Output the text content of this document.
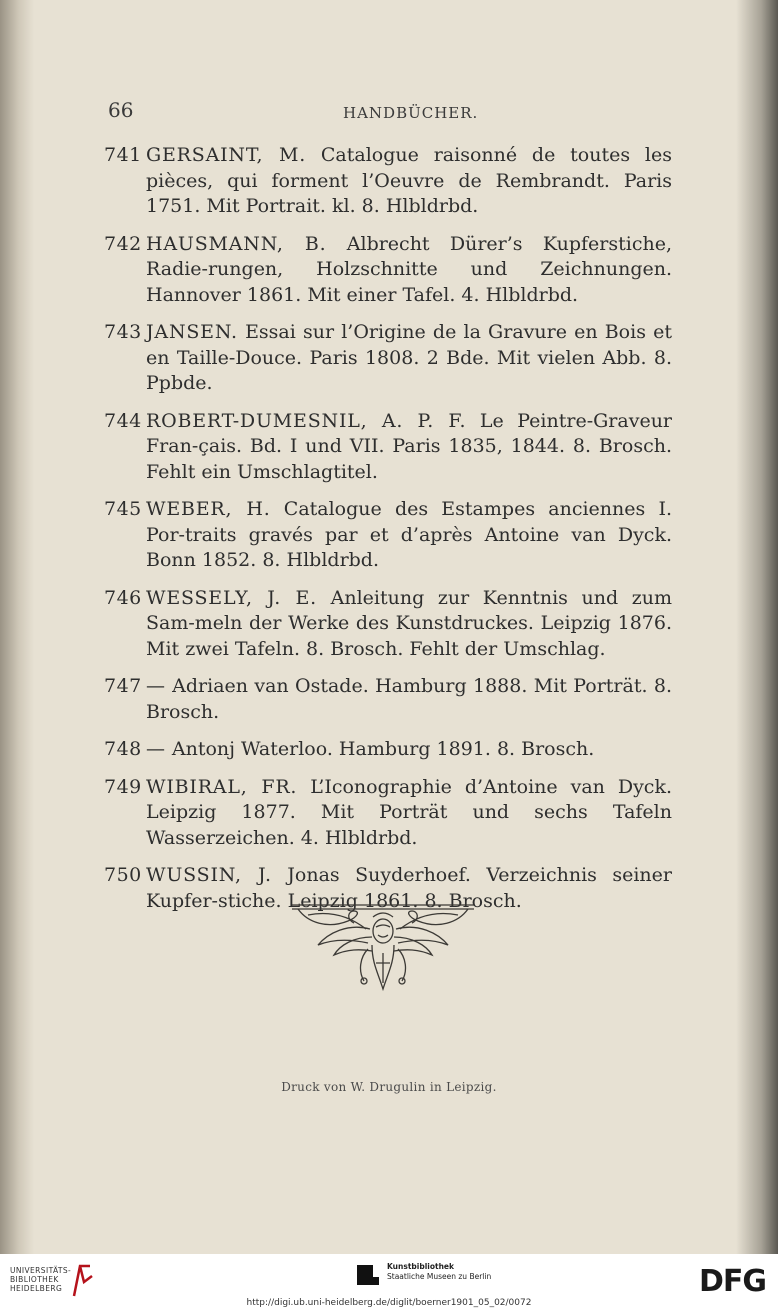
66	HANDBÜCHER.
741 GERSAINT, M. Catalogue raisonné de toutes les pièces, qui forment l’Oeuvre de Rembrandt. Paris 1751. Mit Portrait. kl. 8. Hlbldrbd.
742 HAUSMANN, B. Albrecht Dürer’s Kupferstiche, Radie-rungen, Holzschnitte und Zeichnungen. Hannover 1861. Mit einer Tafel. 4. Hlbldrbd.
743 JANSEN. Essai sur l’Origine de la Gravure en Bois et en Taille-Douce. Paris 1808. 2 Bde. Mit vielen Abb. 8. Ppbde.
744 ROBERT-DUMESNIL, A. P. F. Le Peintre-Graveur Fran-çais. Bd. I und VII. Paris 1835, 1844. 8. Brosch. Fehlt ein Umschlagtitel.
745 WEBER, H. Catalogue des Estampes anciennes I. Por-traits gravés par et d’après Antoine van Dyck. Bonn 1852. 8. Hlbldrbd.
746 WESSELY, J. E. Anleitung zur Kenntnis und zum Sam-meln der Werke des Kunstdruckes. Leipzig 1876. Mit zwei Tafeln. 8. Brosch. Fehlt der Umschlag.
747 — Adriaen van Ostade. Hamburg 1888. Mit Porträt. 8. Brosch.
748 — Antonj Waterloo. Hamburg 1891. 8. Brosch.
749 WIBIRAL, FR. L’Iconographie d’Antoine van Dyck. Leipzig 1877. Mit Porträt und sechs Tafeln Wasserzeichen. 4. Hlbldrbd.
750 WUSSIN, J. Jonas Suyderhoef. Verzeichnis seiner Kupfer-stiche. Leipzig 1861. 8. Brosch.
Druck von W. Drugulin in Leipzig.
UNIVERSITÄTS-
BIBLIOTHEK
HEIDELBERG
Kunstbibliothek
Staatliche Museen zu Berlin	DFG
http://digi.ub.uni-heidelberg.de/diglit/boerner1901_05_02/0072
